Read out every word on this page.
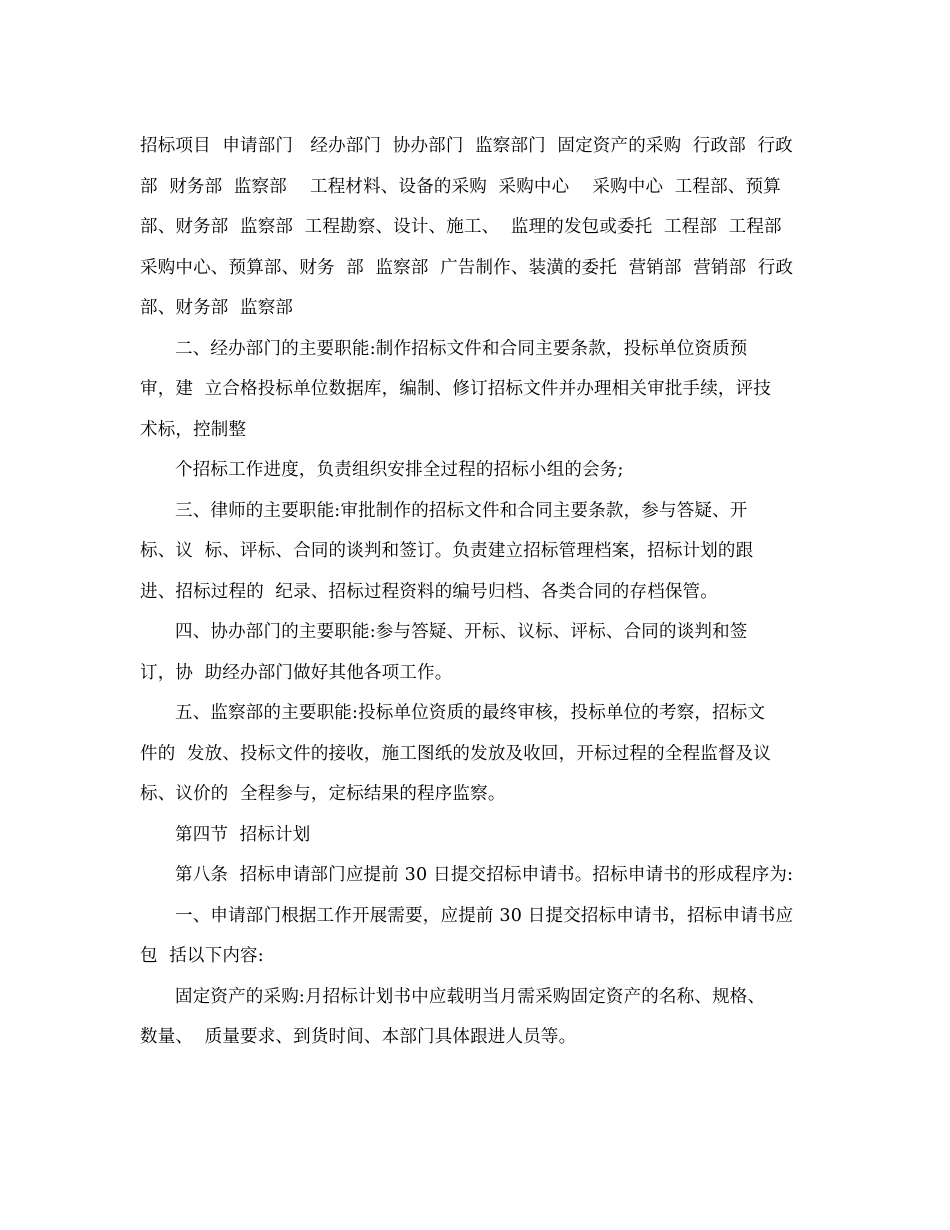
招标项目  申请部门   经办部门  协办部门  监察部门  固定资产的采购  行政部  行政
部  财务部  监察部    工程材料、设备的采购  采购中心    采购中心  工程部、预算
部、财务部  监察部  工程勘察、设计、施工、  监理的发包或委托  工程部  工程部
采购中心、预算部、财务  部  监察部  广告制作、装潢的委托  营销部  营销部  行政
部、财务部  监察部
二、经办部门的主要职能:制作招标文件和合同主要条款，投标单位资质预
审，建  立合格投标单位数据库，编制、修订招标文件并办理相关审批手续，评技
术标，控制整
个招标工作进度，负责组织安排全过程的招标小组的会务;
三、律师的主要职能:审批制作的招标文件和合同主要条款，参与答疑、开
标、议  标、评标、合同的谈判和签订。负责建立招标管理档案，招标计划的跟
进、招标过程的  纪录、招标过程资料的编号归档、各类合同的存档保管。
四、协办部门的主要职能:参与答疑、开标、议标、评标、合同的谈判和签
订，协  助经办部门做好其他各项工作。
五、监察部的主要职能:投标单位资质的最终审核，投标单位的考察，招标文
件的  发放、投标文件的接收，施工图纸的发放及收回，开标过程的全程监督及议
标、议价的  全程参与，定标结果的程序监察。
第四节  招标计划
第八条  招标申请部门应提前 30 日提交招标申请书。招标申请书的形成程序为:
一、申请部门根据工作开展需要，应提前 30 日提交招标申请书，招标申请书应
包  括以下内容:
固定资产的采购:月招标计划书中应载明当月需采购固定资产的名称、规格、
数量、  质量要求、到货时间、本部门具体跟进人员等。
